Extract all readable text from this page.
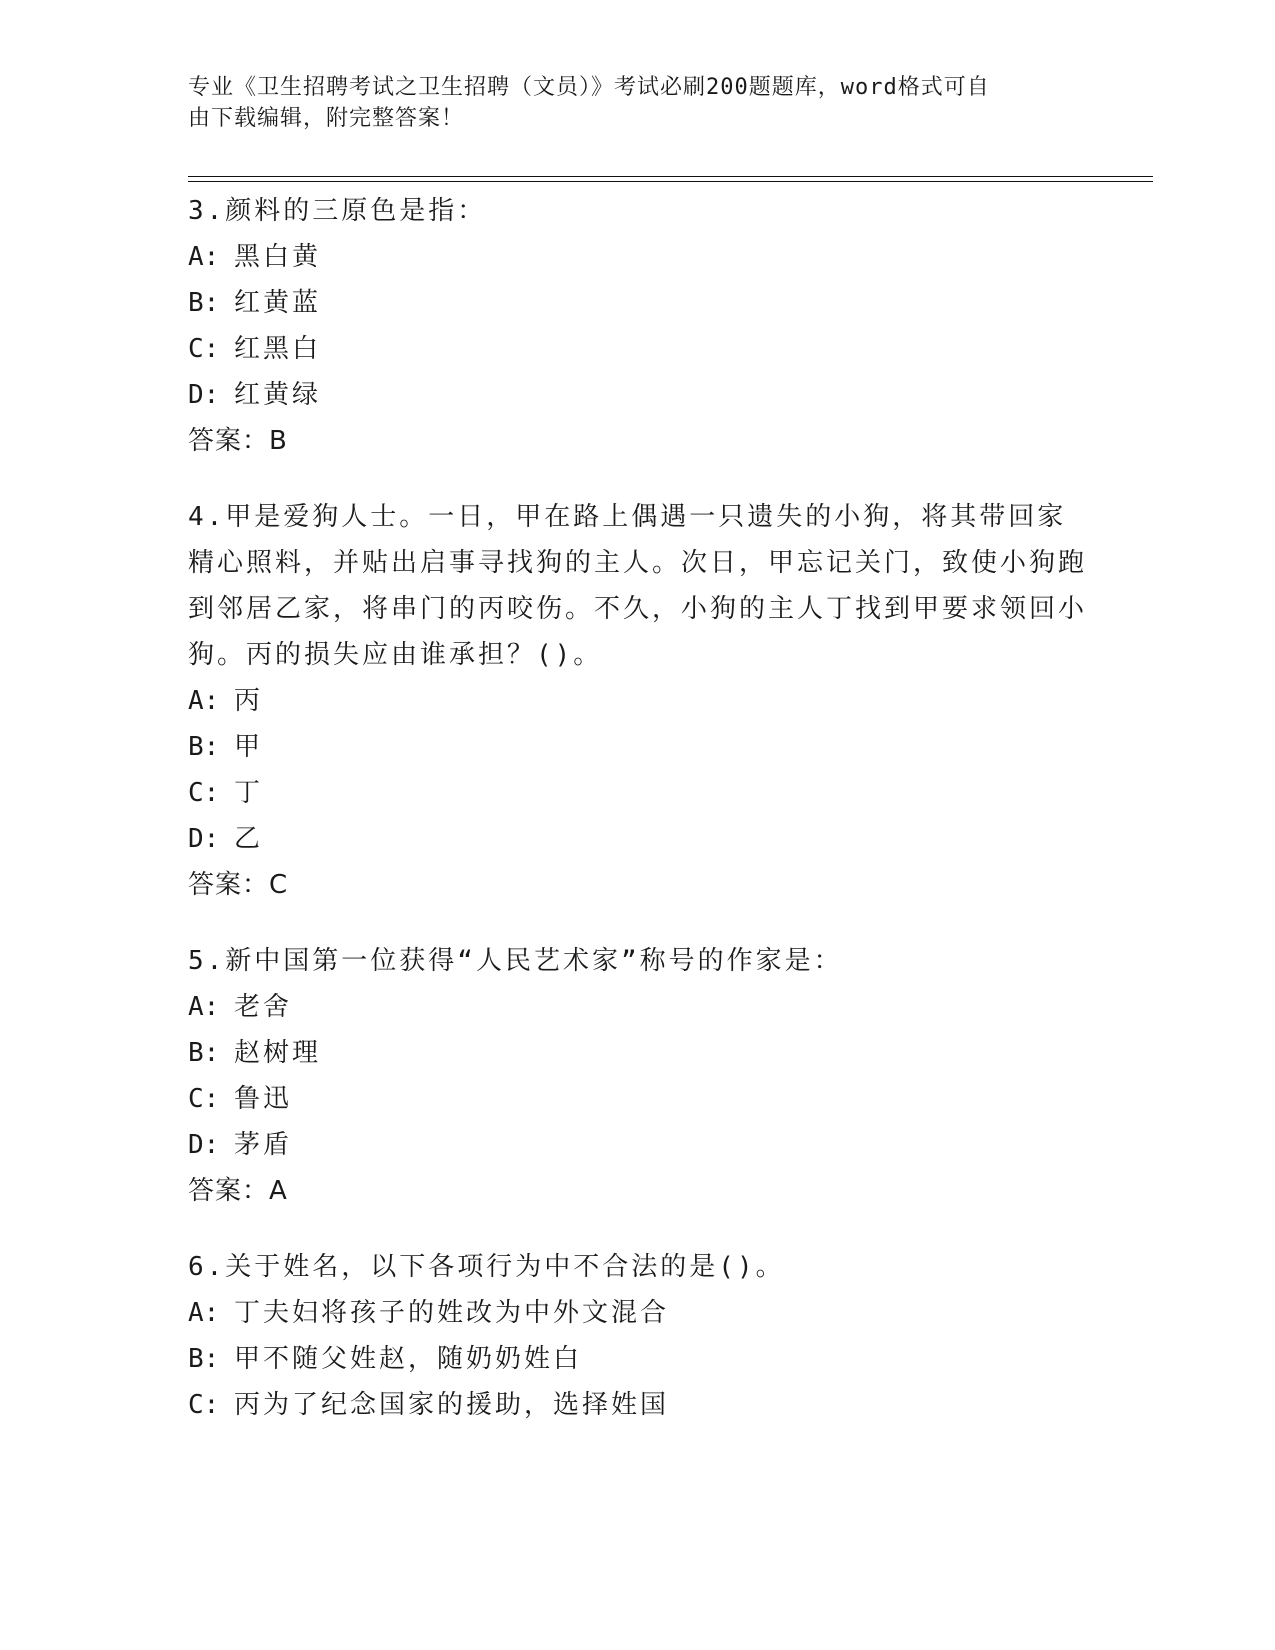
专业《卫生招聘考试之卫生招聘（文员）》考试必刷200题题库，word格式可自
由下载编辑，附完整答案！
3.颜料的三原色是指：
A: 黑白黄
B: 红黄蓝
C: 红黑白
D: 红黄绿
答案：B
4.甲是爱狗人士。一日，甲在路上偶遇一只遗失的小狗，将其带回家精心照料，并贴出启事寻找狗的主人。次日，甲忘记关门，致使小狗跑到邻居乙家，将串门的丙咬伤。不久，小狗的主人丁找到甲要求领回小狗。丙的损失应由谁承担？()。
A: 丙
B: 甲
C: 丁
D: 乙
答案：C
5.新中国第一位获得“人民艺术家”称号的作家是：
A: 老舍
B: 赵树理
C: 鲁迅
D: 茅盾
答案：A
6.关于姓名，以下各项行为中不合法的是()。
A: 丁夫妇将孩子的姓改为中外文混合
B: 甲不随父姓赵，随奶奶姓白
C: 丙为了纪念国家的援助，选择姓国
